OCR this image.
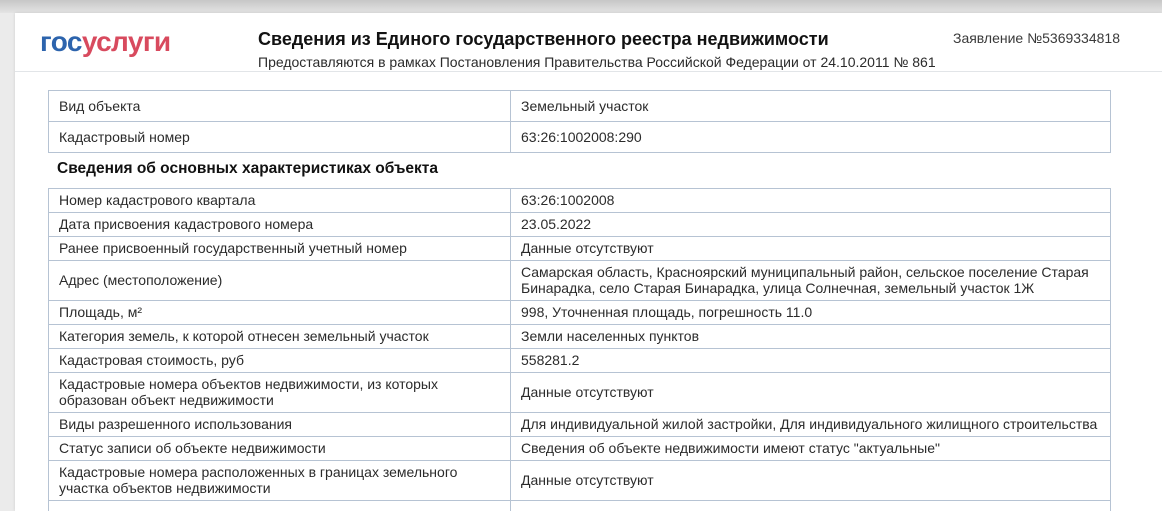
госуслуги	Сведения из Единого государственного реестра недвижимости
Предоставляются в рамках Постановления Правительства Российской Федерации от 24.10.2011 № 861
Заявление №5369334818
Вид объекта	Земельный участок
Кадастровый номер	63:26:1002008:290
Сведения об основных характеристиках объекта
Номер кадастрового квартала	63:26:1002008
Дата присвоения кадастрового номера	23.05.2022
Ранее присвоенный государственный учетный номер	Данные отсутствуют
Адрес (местоположение)	Самарская область, Красноярский муниципальный район, сельское поселение Старая Бинарадка, село Старая Бинарадка, улица Солнечная, земельный участок 1Ж
Площадь, м²	998, Уточненная площадь, погрешность 11.0
Категория земель, к которой отнесен земельный участок	Земли населенных пунктов
Кадастровая стоимость, руб	558281.2
Кадастровые номера объектов недвижимости, из которых образован объект недвижимости	Данные отсутствуют
Виды разрешенного использования	Для индивидуальной жилой застройки, Для индивидуального жилищного строительства
Статус записи об объекте недвижимости	Сведения об объекте недвижимости имеют статус "актуальные"
Кадастровые номера расположенных в границах земельного участка объектов недвижимости	Данные отсутствуют
